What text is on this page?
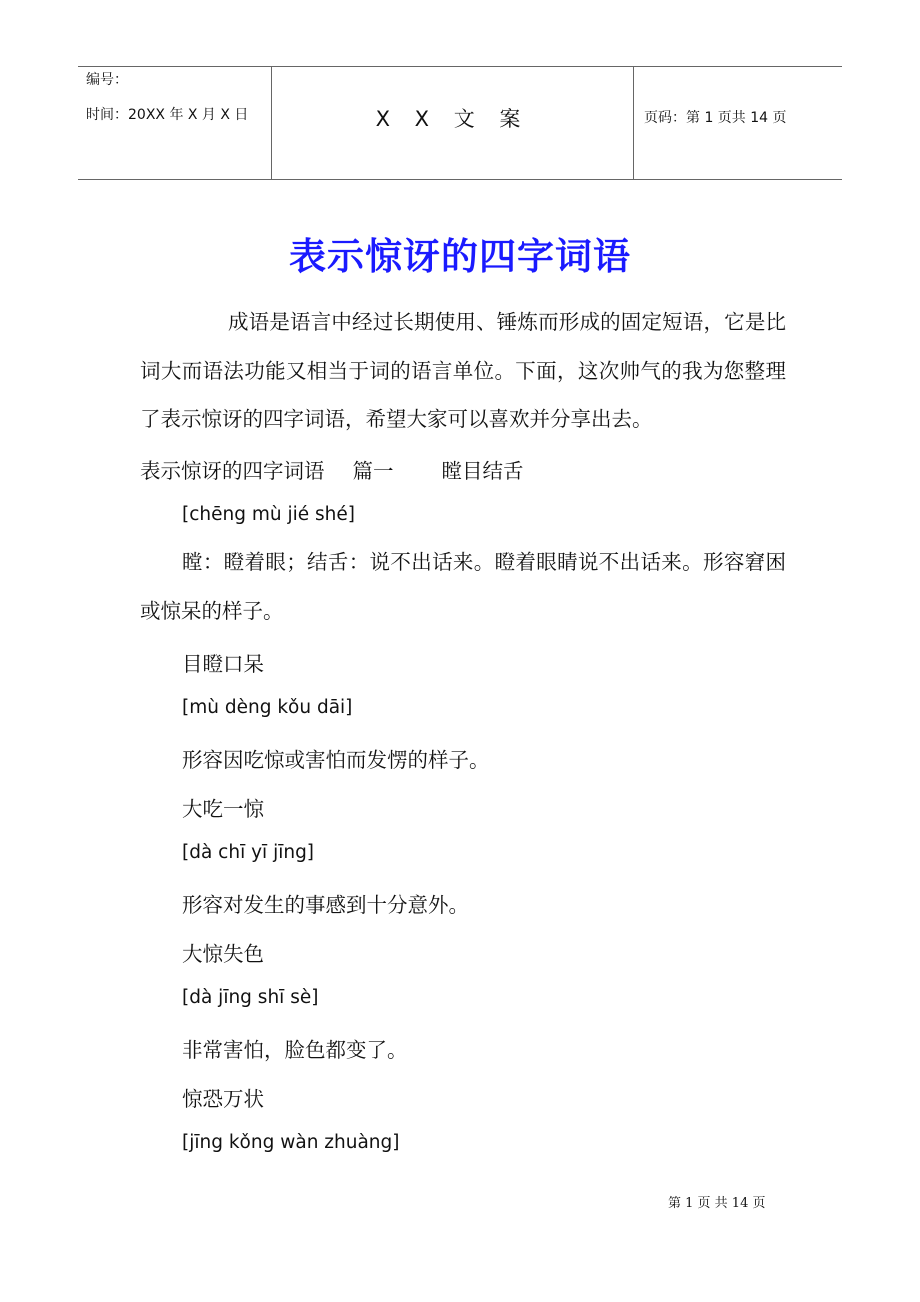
编号：
时间：20XX 年 X 月 X 日	X X 文 案	页码：第 1 页共 14 页
表示惊讶的四字词语

成语是语言中经过长期使用、锤炼而形成的固定短语，它是比词大而语法功能又相当于词的语言单位。下面，这次帅气的我为您整理了表示惊讶的四字词语，希望大家可以喜欢并分享出去。

表示惊讶的四字词语 篇一 瞠目结舌

[chēng mù jié shé]

瞠：瞪着眼；结舌：说不出话来。瞪着眼睛说不出话来。形容窘困或惊呆的样子。

目瞪口呆

[mù dèng kǒu dāi]

形容因吃惊或害怕而发愣的样子。

大吃一惊

[dà chī yī jīng]

形容对发生的事感到十分意外。

大惊失色

[dà jīng shī sè]

非常害怕，脸色都变了。

惊恐万状

[jīng kǒng wàn zhuàng]

第 1 页 共 14 页
